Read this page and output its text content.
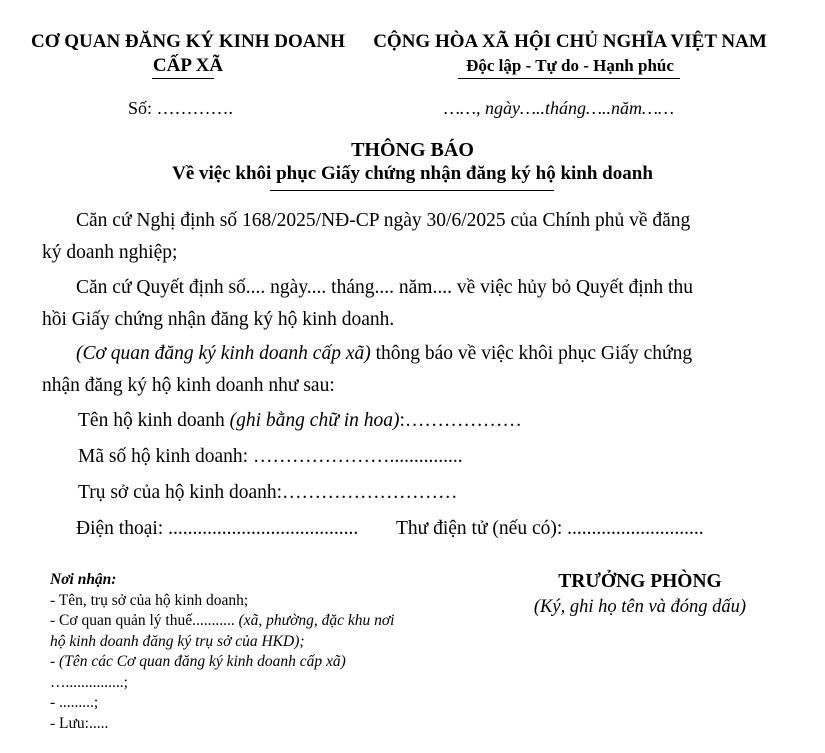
CƠ QUAN ĐĂNG KÝ KINH DOANH
CẤP XÃ
CỘNG HÒA XÃ HỘI CHỦ NGHĨA VIỆT NAM
Độc lập - Tự do - Hạnh phúc
Số: ………….	……, ngày…..tháng…..năm……
THÔNG BÁO
Về việc khôi phục Giấy chứng nhận đăng ký hộ kinh doanh
Căn cứ Nghị định số 168/2025/NĐ-CP ngày 30/6/2025 của Chính phủ về đăng
ký doanh nghiệp;
Căn cứ Quyết định số.... ngày.... tháng.... năm.... về việc hủy bỏ Quyết định thu
hồi Giấy chứng nhận đăng ký hộ kinh doanh.
(Cơ quan đăng ký kinh doanh cấp xã) thông báo về việc khôi phục Giấy chứng
nhận đăng ký hộ kinh doanh như sau:
Tên hộ kinh doanh (ghi bằng chữ in hoa):………………
Mã số hộ kinh doanh: …………………...............
Trụ sở của hộ kinh doanh:………………………
Điện thoại: ....................................... Thư điện tử (nếu có): ............................
Nơi nhận:
- Tên, trụ sở của hộ kinh doanh;
- Cơ quan quản lý thuế........... (xã, phường, đặc khu nơi
hộ kinh doanh đăng ký trụ sở của HKD);
- (Tên các Cơ quan đăng ký kinh doanh cấp xã)
…...............;
- .........;
- Lưu:.....
TRƯỞNG PHÒNG
(Ký, ghi họ tên và đóng dấu)
